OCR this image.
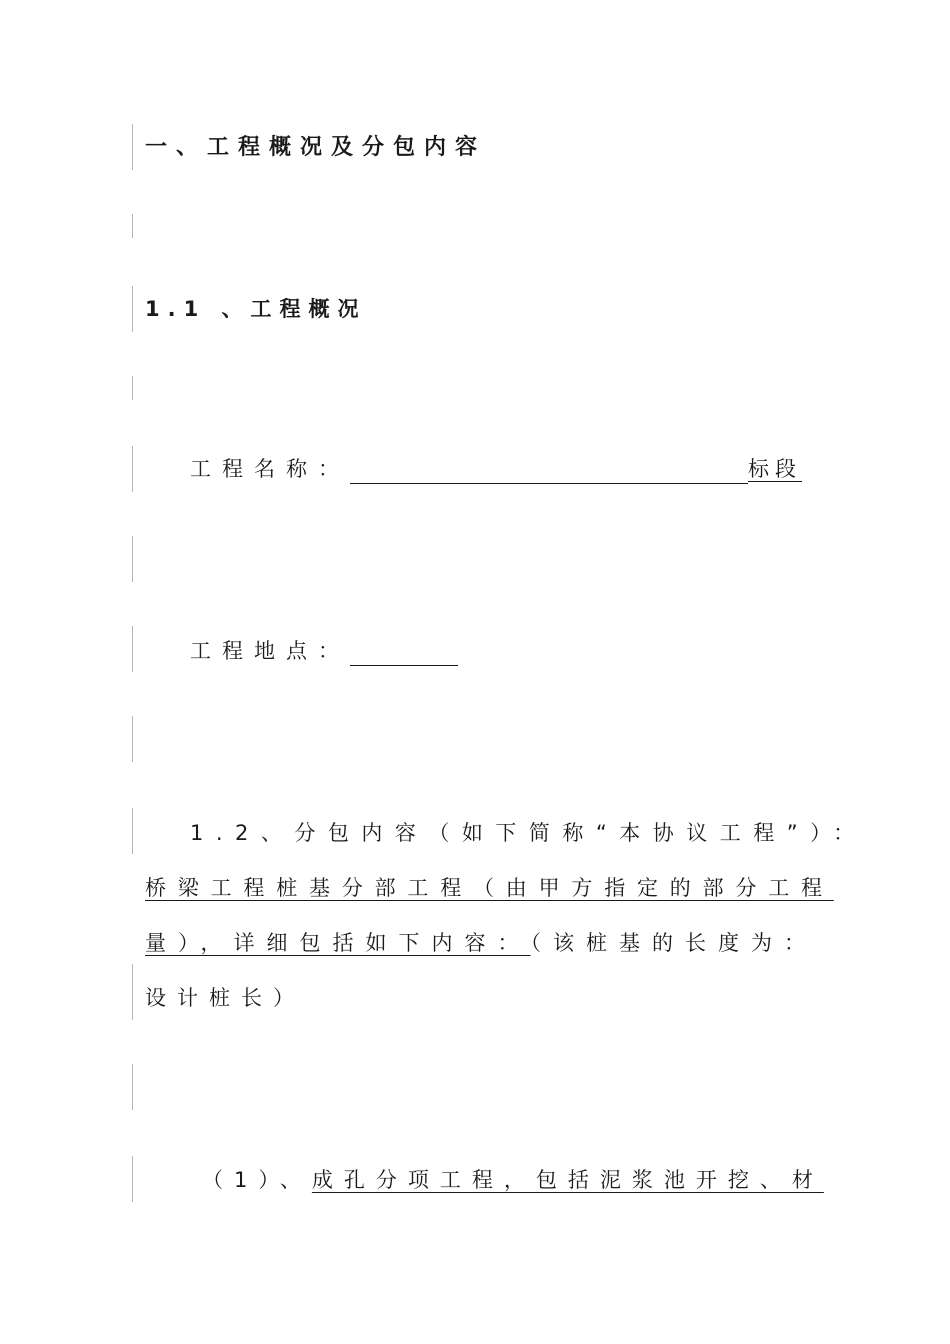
一、工程概况及分包内容
1.1 、工程概况
工程名称：	标段
工程地点：
1.2、分包内容（如下简称“本协议工程”）：
桥梁工程桩基分部工程（由甲方指定的部分工程
量），详细包括如下内容：（该桩基的长度为：
设计桩长）
（1）、成孔分项工程，包括泥浆池开挖、材
